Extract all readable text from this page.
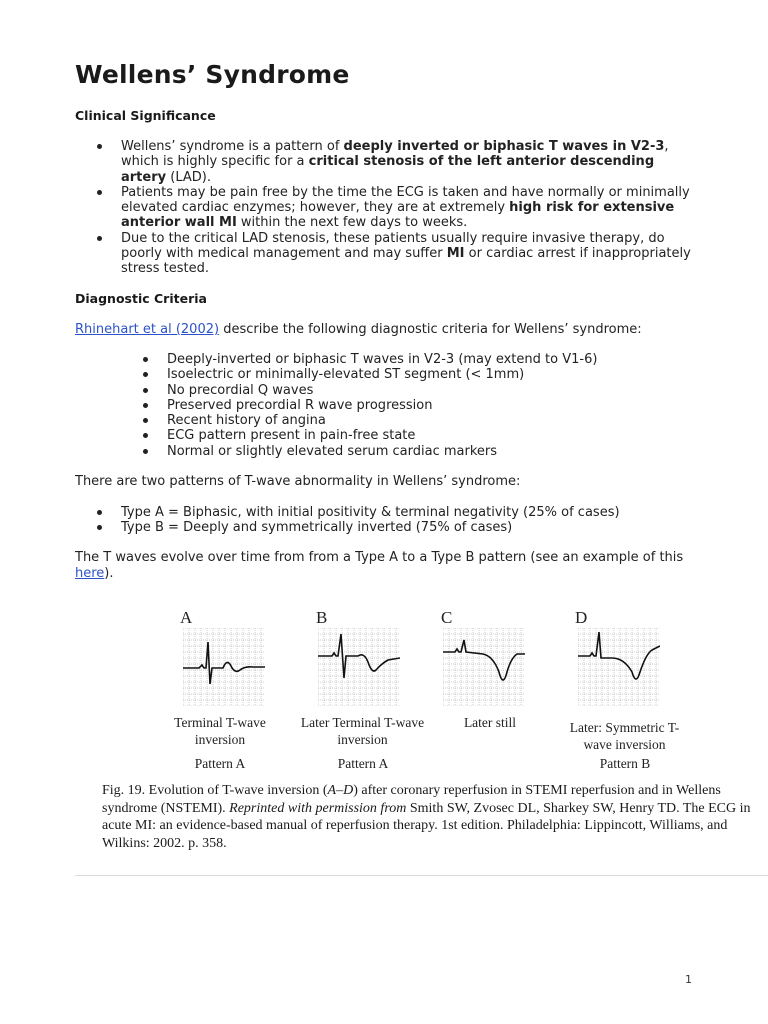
Wellens’ Syndrome
Clinical Significance
Wellens’ syndrome is a pattern of deeply inverted or biphasic T waves in V2-3, which is highly specific for a critical stenosis of the left anterior descending artery (LAD).
Patients may be pain free by the time the ECG is taken and have normally or minimally elevated cardiac enzymes; however, they are at extremely high risk for extensive anterior wall MI within the next few days to weeks.
Due to the critical LAD stenosis, these patients usually require invasive therapy, do poorly with medical management and may suffer MI or cardiac arrest if inappropriately stress tested.
Diagnostic Criteria

Rhinehart et al (2002) describe the following diagnostic criteria for Wellens’ syndrome:

Deeply-inverted or biphasic T waves in V2-3 (may extend to V1-6)
Isoelectric or minimally-elevated ST segment (< 1mm)
No precordial Q waves
Preserved precordial R wave progression
Recent history of angina
ECG pattern present in pain-free state
Normal or slightly elevated serum cardiac markers

There are two patterns of T-wave abnormality in Wellens’ syndrome:

Type A = Biphasic, with initial positivity & terminal negativity (25% of cases)
Type B = Deeply and symmetrically inverted (75% of cases)

The T waves evolve over time from from a Type A to a Type B pattern (see an example of this here).

A
Terminal T-wave inversion
Pattern A
B
Later Terminal T-wave inversion
Pattern A
C
Later still
D
Later: Symmetric T-wave inversion
Pattern B
Fig. 19. Evolution of T-wave inversion (A–D) after coronary reperfusion in STEMI reperfusion and in Wellens syndrome (NSTEMI). Reprinted with permission from Smith SW, Zvosec DL, Sharkey SW, Henry TD. The ECG in acute MI: an evidence-based manual of reperfusion therapy. 1st edition. Philadelphia: Lippincott, Williams, and Wilkins: 2002. p. 358.
1
